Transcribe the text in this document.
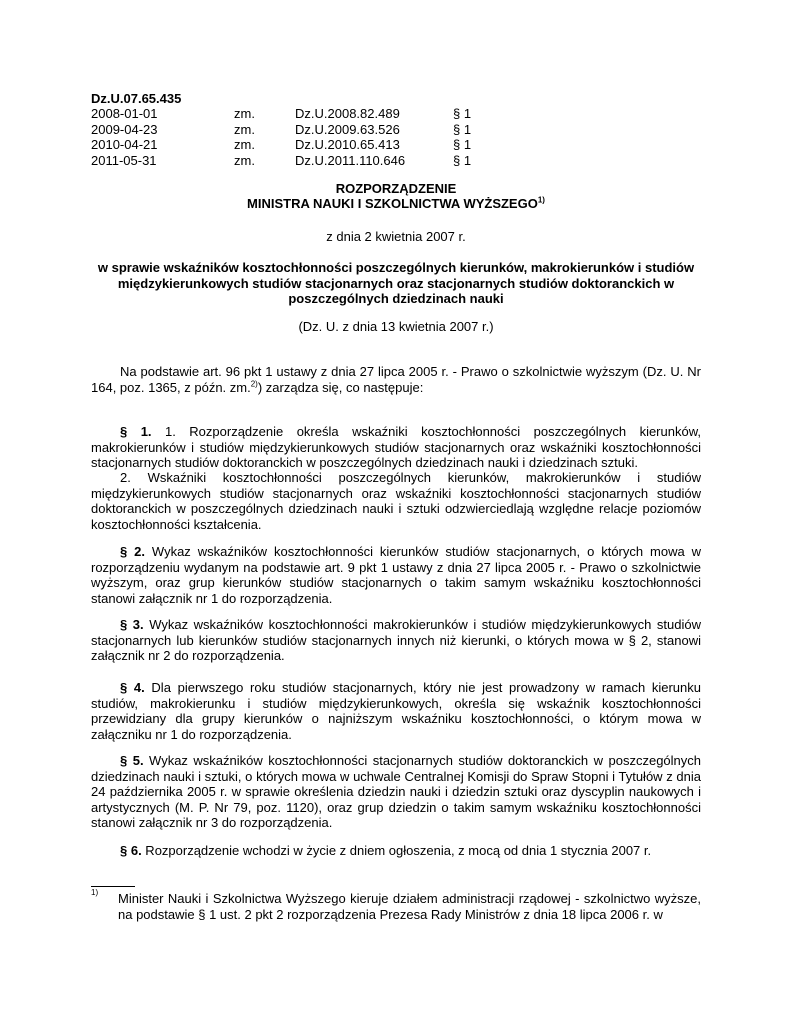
Dz.U.07.65.435
2008-01-01	zm.	Dz.U.2008.82.489	§ 1
2009-04-23	zm.	Dz.U.2009.63.526	§ 1
2010-04-21	zm.	Dz.U.2010.65.413	§ 1
2011-05-31	zm.	Dz.U.2011.110.646	§ 1
ROZPORZĄDZENIE
MINISTRA NAUKI I SZKOLNICTWA WYŻSZEGO$^{1)}$
z dnia 2 kwietnia 2007 r.
w sprawie wskaźników kosztochłonności poszczególnych kierunków, makrokierunków i studiów międzykierunkowych studiów stacjonarnych oraz stacjonarnych studiów doktoranckich w poszczególnych dziedzinach nauki
(Dz. U. z dnia 13 kwietnia 2007 r.)
Na podstawie art. 96 pkt 1 ustawy z dnia 27 lipca 2005 r. - Prawo o szkolnictwie wyższym (Dz. U. Nr 164, poz. 1365, z późn. zm.$^{2)}$) zarządza się, co następuje:
§ 1. 1. Rozporządzenie określa wskaźniki kosztochłonności poszczególnych kierunków, makrokierunków i studiów międzykierunkowych studiów stacjonarnych oraz wskaźniki kosztochłonności stacjonarnych studiów doktoranckich w poszczególnych dziedzinach nauki i dziedzinach sztuki.
2. Wskaźniki kosztochłonności poszczególnych kierunków, makrokierunków i studiów międzykierunkowych studiów stacjonarnych oraz wskaźniki kosztochłonności stacjonarnych studiów doktoranckich w poszczególnych dziedzinach nauki i sztuki odzwierciedlają względne relacje poziomów kosztochłonności kształcenia.
§ 2. Wykaz wskaźników kosztochłonności kierunków studiów stacjonarnych, o których mowa w rozporządzeniu wydanym na podstawie art. 9 pkt 1 ustawy z dnia 27 lipca 2005 r. - Prawo o szkolnictwie wyższym, oraz grup kierunków studiów stacjonarnych o takim samym wskaźniku kosztochłonności stanowi załącznik nr 1 do rozporządzenia.
§ 3. Wykaz wskaźników kosztochłonności makrokierunków i studiów międzykierunkowych studiów stacjonarnych lub kierunków studiów stacjonarnych innych niż kierunki, o których mowa w § 2, stanowi załącznik nr 2 do rozporządzenia.
§ 4. Dla pierwszego roku studiów stacjonarnych, który nie jest prowadzony w ramach kierunku studiów, makrokierunku i studiów międzykierunkowych, określa się wskaźnik kosztochłonności przewidziany dla grupy kierunków o najniższym wskaźniku kosztochłonności, o którym mowa w załączniku nr 1 do rozporządzenia.
§ 5. Wykaz wskaźników kosztochłonności stacjonarnych studiów doktoranckich w poszczególnych dziedzinach nauki i sztuki, o których mowa w uchwale Centralnej Komisji do Spraw Stopni i Tytułów z dnia 24 października 2005 r. w sprawie określenia dziedzin nauki i dziedzin sztuki oraz dyscyplin naukowych i artystycznych (M. P. Nr 79, poz. 1120), oraz grup dziedzin o takim samym wskaźniku kosztochłonności stanowi załącznik nr 3 do rozporządzenia.
§ 6. Rozporządzenie wchodzi w życie z dniem ogłoszenia, z mocą od dnia 1 stycznia 2007 r.
1) Minister Nauki i Szkolnictwa Wyższego kieruje działem administracji rządowej - szkolnictwo wyższe, na podstawie § 1 ust. 2 pkt 2 rozporządzenia Prezesa Rady Ministrów z dnia 18 lipca 2006 r. w
